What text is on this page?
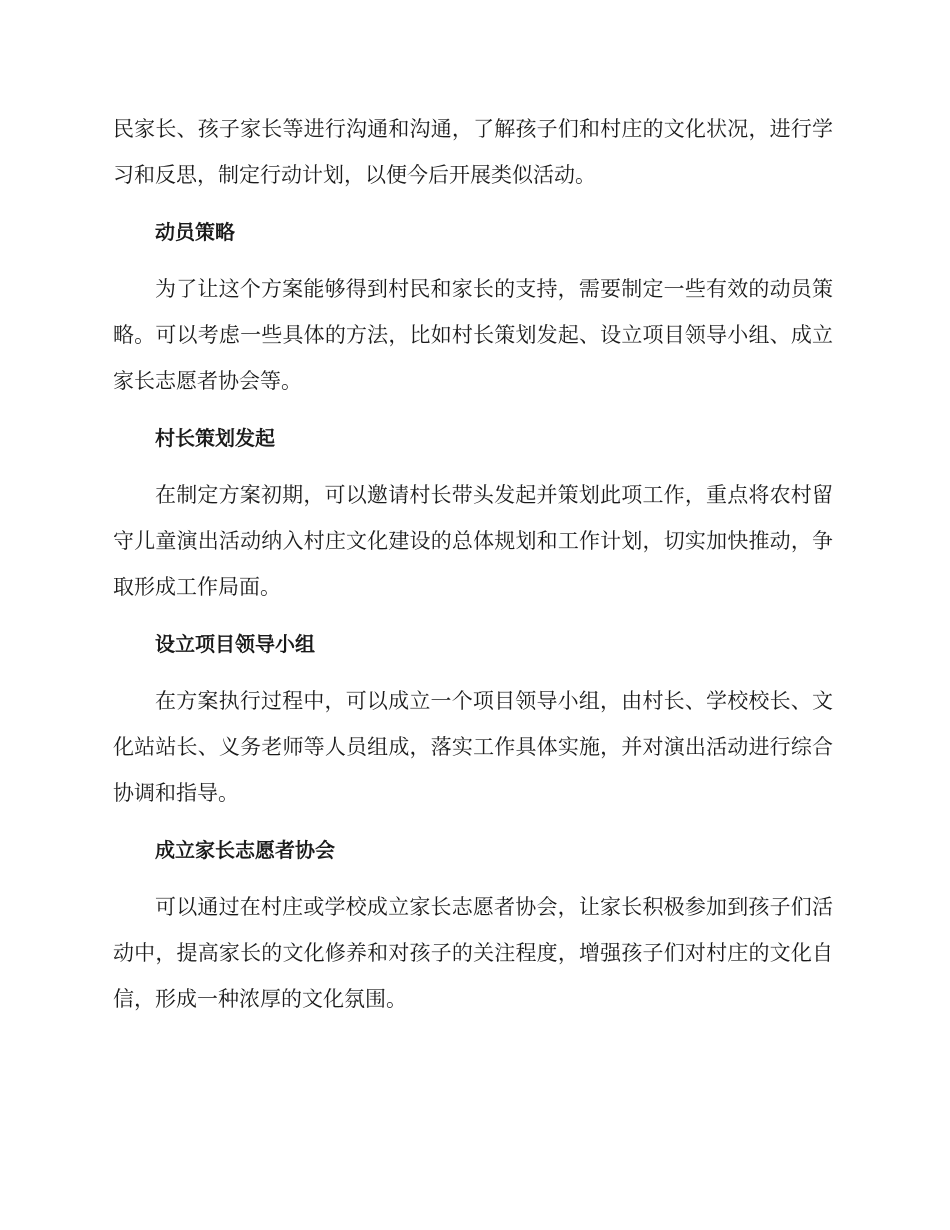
民家长、孩子家长等进行沟通和沟通，了解孩子们和村庄的文化状况，进行学习和反思，制定行动计划，以便今后开展类似活动。

动员策略

为了让这个方案能够得到村民和家长的支持，需要制定一些有效的动员策略。可以考虑一些具体的方法，比如村长策划发起、设立项目领导小组、成立家长志愿者协会等。

村长策划发起

在制定方案初期，可以邀请村长带头发起并策划此项工作，重点将农村留守儿童演出活动纳入村庄文化建设的总体规划和工作计划，切实加快推动，争取形成工作局面。

设立项目领导小组

在方案执行过程中，可以成立一个项目领导小组，由村长、学校校长、文化站站长、义务老师等人员组成，落实工作具体实施，并对演出活动进行综合协调和指导。

成立家长志愿者协会

可以通过在村庄或学校成立家长志愿者协会，让家长积极参加到孩子们活动中，提高家长的文化修养和对孩子的关注程度，增强孩子们对村庄的文化自信，形成一种浓厚的文化氛围。
